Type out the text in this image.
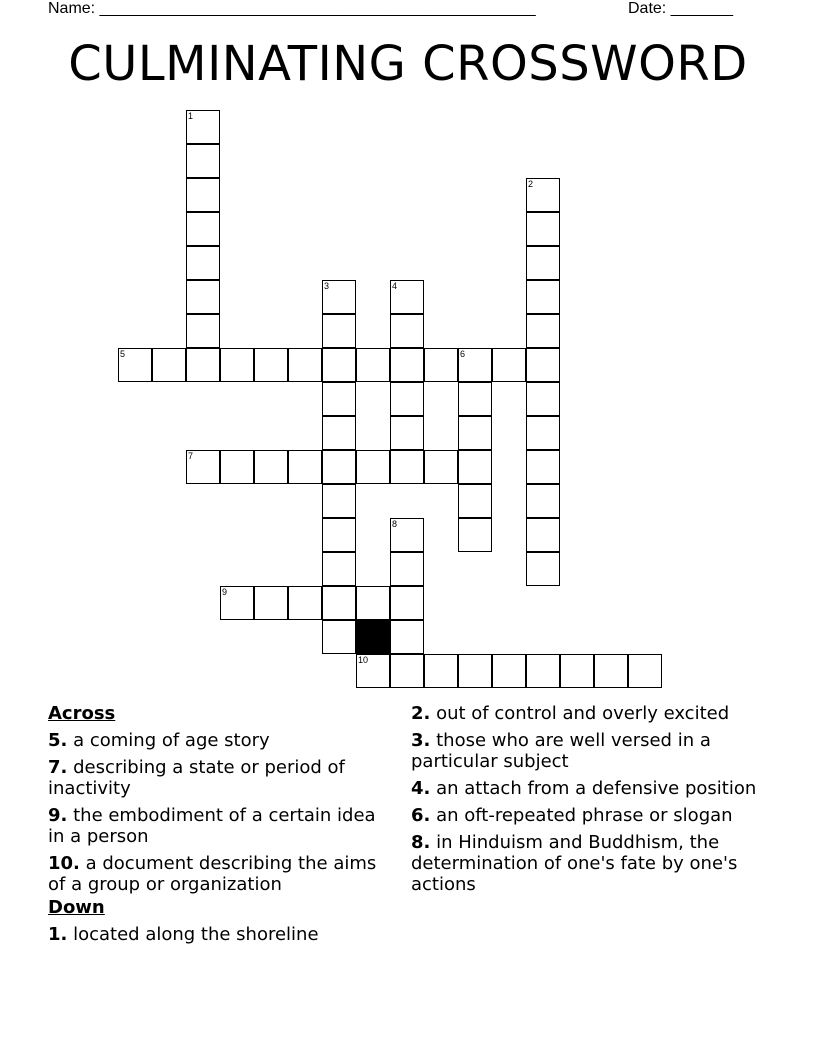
Name: _________________________________________________	Date: _______
CULMINATING CROSSWORD
1
2
3	4
5	6
7
8
9
10
Across
5. a coming of age story
7. describing a state or period of inactivity
9. the embodiment of a certain idea in a person
10. a document describing the aims of a group or organization
Down
1. located along the shoreline
2. out of control and overly excited
3. those who are well versed in a particular subject
4. an attach from a defensive position
6. an oft-repeated phrase or slogan
8. in Hinduism and Buddhism, the determination of one's fate by one's actions
